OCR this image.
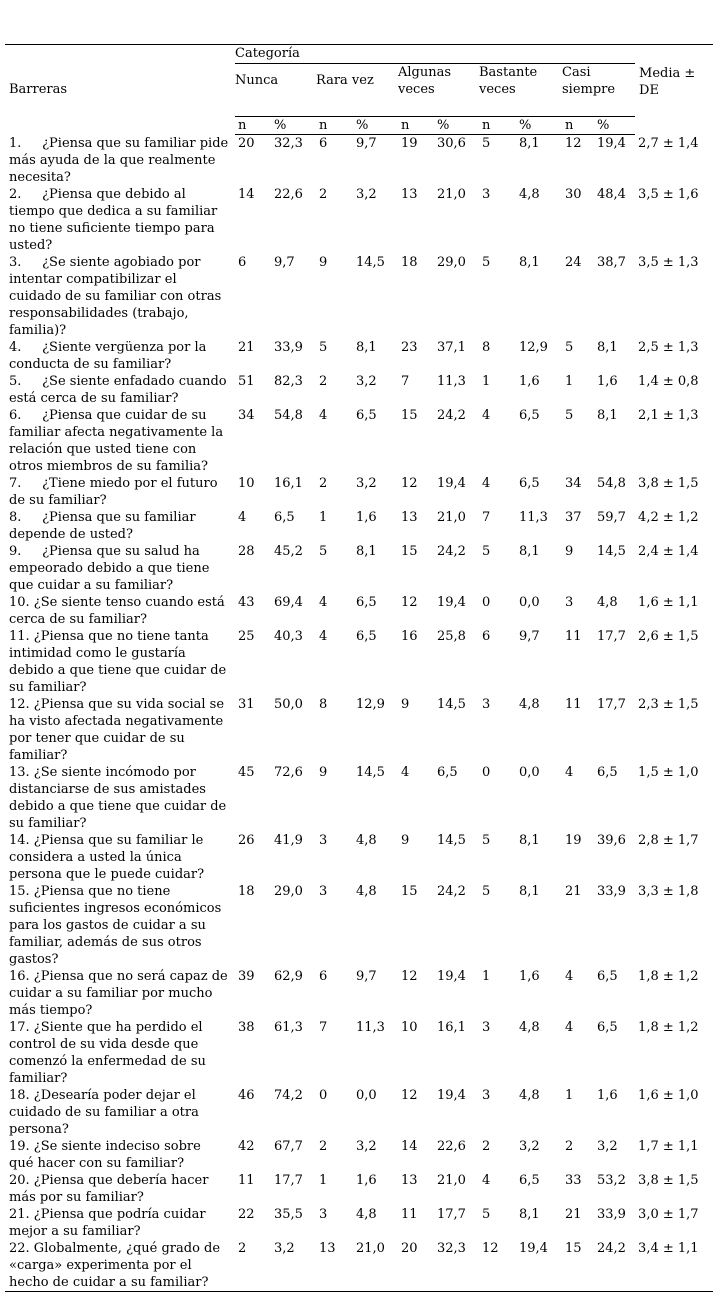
Barreras	Categoría										Media ± DE
	Nunca		Rara vez		Algunas veces		Bastante veces		Casi siempre		
	n	%	n	%	n	%	n	%	n	%	
1.     ¿Piensa que su familiar pide más ayuda de la que realmente necesita?	20	32,3	6	9,7	19	30,6	5	8,1	12	19,4	2,7 ± 1,4
2.     ¿Piensa que debido al tiempo que dedica a su familiar no tiene suficiente tiempo para usted?	14	22,6	2	3,2	13	21,0	3	4,8	30	48,4	3,5 ± 1,6
3.     ¿Se siente agobiado por intentar compatibilizar el cuidado de su familiar con otras responsabilidades (trabajo, familia)?	6	9,7	9	14,5	18	29,0	5	8,1	24	38,7	3,5 ± 1,3
4.     ¿Siente vergüenza por la conducta de su familiar?	21	33,9	5	8,1	23	37,1	8	12,9	5	8,1	2,5 ± 1,3
5.     ¿Se siente enfadado cuando está cerca de su familiar?	51	82,3	2	3,2	7	11,3	1	1,6	1	1,6	1,4 ± 0,8
6.     ¿Piensa que cuidar de su familiar afecta negativamente la relación que usted tiene con otros miembros de su familia?	34	54,8	4	6,5	15	24,2	4	6,5	5	8,1	2,1 ± 1,3
7.     ¿Tiene miedo por el futuro de su familiar?	10	16,1	2	3,2	12	19,4	4	6,5	34	54,8	3,8 ± 1,5
8.     ¿Piensa que su familiar depende de usted?	4	6,5	1	1,6	13	21,0	7	11,3	37	59,7	4,2 ± 1,2
9.     ¿Piensa que su salud ha empeorado debido a que tiene que cuidar a su familiar?	28	45,2	5	8,1	15	24,2	5	8,1	9	14,5	2,4 ± 1,4
10. ¿Se siente tenso cuando está cerca de su familiar?	43	69,4	4	6,5	12	19,4	0	0,0	3	4,8	1,6 ± 1,1
11. ¿Piensa que no tiene tanta intimidad como le gustaría debido a que tiene que cuidar de su familiar?	25	40,3	4	6,5	16	25,8	6	9,7	11	17,7	2,6 ± 1,5
12. ¿Piensa que su vida social se ha visto afectada negativamente por tener que cuidar de su familiar?	31	50,0	8	12,9	9	14,5	3	4,8	11	17,7	2,3 ± 1,5
13. ¿Se siente incómodo por distanciarse de sus amistades debido a que tiene que cuidar de su familiar?	45	72,6	9	14,5	4	6,5	0	0,0	4	6,5	1,5 ± 1,0
14. ¿Piensa que su familiar le considera a usted la única persona que le puede cuidar?	26	41,9	3	4,8	9	14,5	5	8,1	19	39,6	2,8 ± 1,7
15. ¿Piensa que no tiene suficientes ingresos económicos para los gastos de cuidar a su familiar, además de sus otros gastos?	18	29,0	3	4,8	15	24,2	5	8,1	21	33,9	3,3 ± 1,8
16. ¿Piensa que no será capaz de cuidar a su familiar por mucho más tiempo?	39	62,9	6	9,7	12	19,4	1	1,6	4	6,5	1,8 ± 1,2
17. ¿Siente que ha perdido el control de su vida desde que comenzó la enfermedad de su familiar?	38	61,3	7	11,3	10	16,1	3	4,8	4	6,5	1,8 ± 1,2
18. ¿Desearía poder dejar el cuidado de su familiar a otra persona?	46	74,2	0	0,0	12	19,4	3	4,8	1	1,6	1,6 ± 1,0
19. ¿Se siente indeciso sobre qué hacer con su familiar?	42	67,7	2	3,2	14	22,6	2	3,2	2	3,2	1,7 ± 1,1
20. ¿Piensa que debería hacer más por su familiar?	11	17,7	1	1,6	13	21,0	4	6,5	33	53,2	3,8 ± 1,5
21. ¿Piensa que podría cuidar mejor a su familiar?	22	35,5	3	4,8	11	17,7	5	8,1	21	33,9	3,0 ± 1,7
22. Globalmente, ¿qué grado de «carga» experimenta por el hecho de cuidar a su familiar?	2	3,2	13	21,0	20	32,3	12	19,4	15	24,2	3,4 ± 1,1
